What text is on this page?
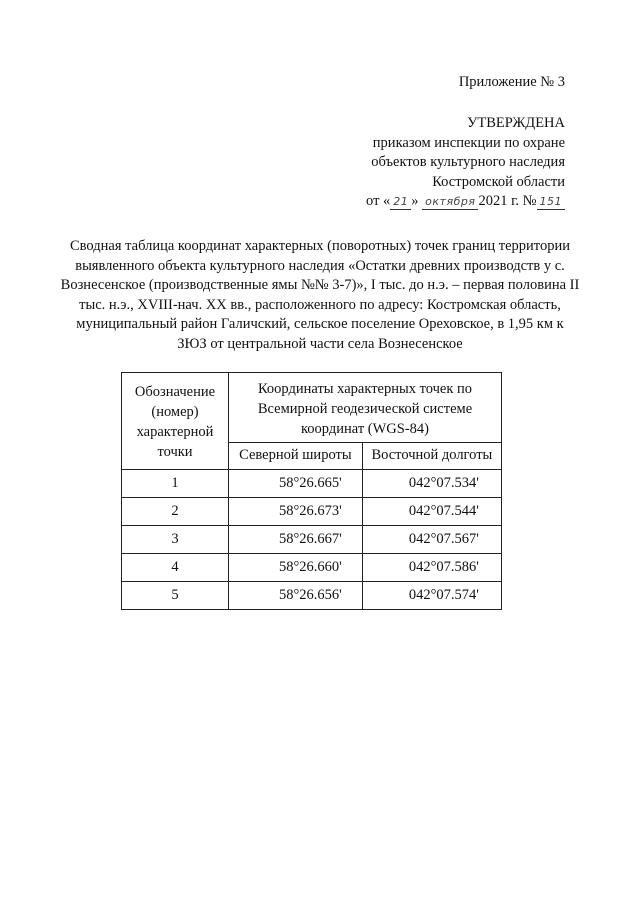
Приложение № 3
УТВЕРЖДЕНА
приказом инспекции по охране
объектов культурного наследия
Костромской области
от « 21 » октября 2021 г. № 151
Сводная таблица координат характерных (поворотных) точек границ территории выявленного объекта культурного наследия «Остатки древних производств у с. Вознесенское (производственные ямы №№ 3-7)», I тыс. до н.э. – первая половина II тыс. н.э., XVIII-нач. XX вв., расположенного по адресу: Костромская область, муниципальный район Галичский, сельское поселение Ореховское, в 1,95 км к ЗЮЗ от центральной части села Вознесенское
Обозначение (номер) характерной точки	Координаты характерных точек по Всемирной геодезической системе координат (WGS-84)	
	Северной широты	Восточной долготы
1	58°26.665'	042°07.534'
2	58°26.673'	042°07.544'
3	58°26.667'	042°07.567'
4	58°26.660'	042°07.586'
5	58°26.656'	042°07.574'
